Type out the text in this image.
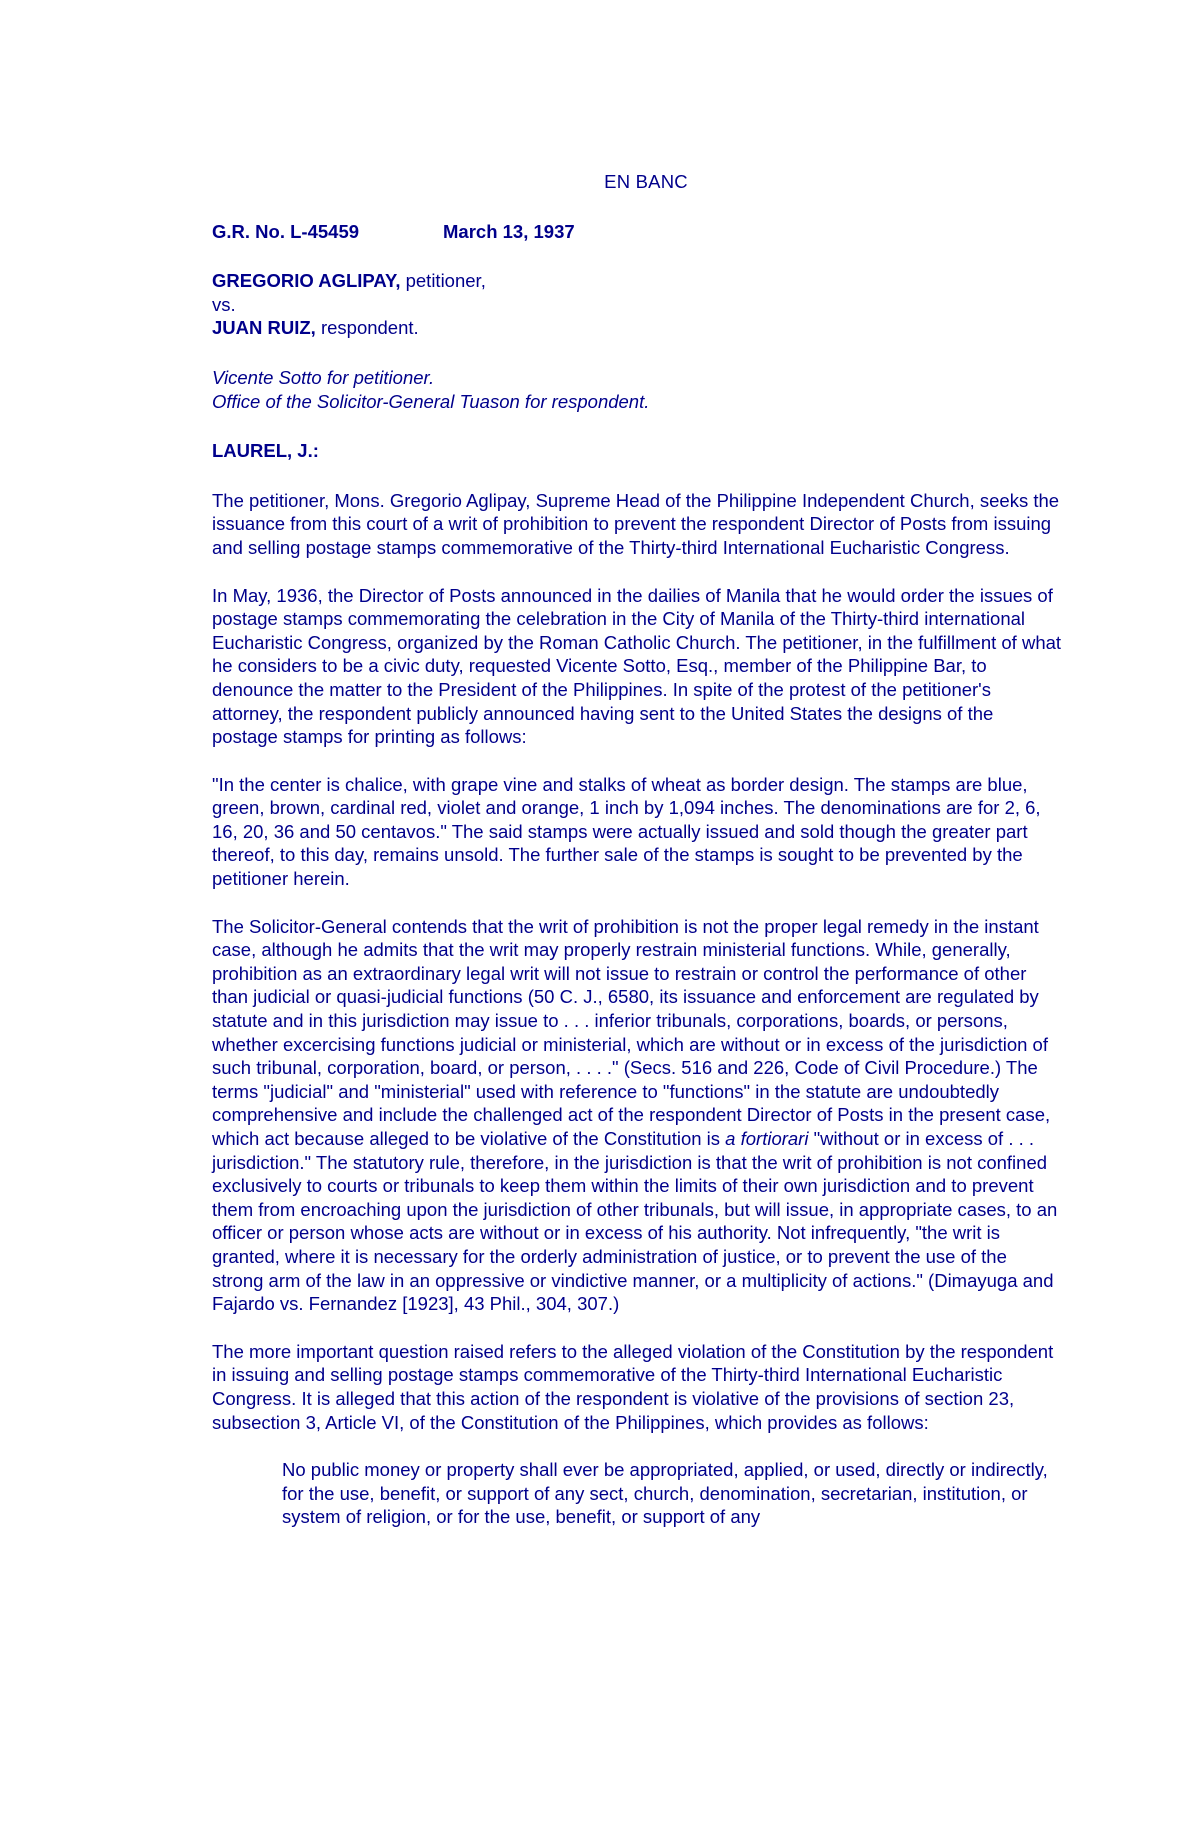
EN BANC
G.R. No. L-45459	March 13, 1937
GREGORIO AGLIPAY, petitioner,
vs.
JUAN RUIZ, respondent.
Vicente Sotto for petitioner.
Office of the Solicitor-General Tuason for respondent.
LAUREL, J.:

The petitioner, Mons. Gregorio Aglipay, Supreme Head of the Philippine Independent Church, seeks the issuance from this court of a writ of prohibition to prevent the respondent Director of Posts from issuing and selling postage stamps commemorative of the Thirty-third International Eucharistic Congress.

In May, 1936, the Director of Posts announced in the dailies of Manila that he would order the issues of postage stamps commemorating the celebration in the City of Manila of the Thirty-third international Eucharistic Congress, organized by the Roman Catholic Church. The petitioner, in the fulfillment of what he considers to be a civic duty, requested Vicente Sotto, Esq., member of the Philippine Bar, to denounce the matter to the President of the Philippines. In spite of the protest of the petitioner's attorney, the respondent publicly announced having sent to the United States the designs of the postage stamps for printing as follows:

"In the center is chalice, with grape vine and stalks of wheat as border design. The stamps are blue, green, brown, cardinal red, violet and orange, 1 inch by 1,094 inches. The denominations are for 2, 6, 16, 20, 36 and 50 centavos." The said stamps were actually issued and sold though the greater part thereof, to this day, remains unsold. The further sale of the stamps is sought to be prevented by the petitioner herein.

The Solicitor-General contends that the writ of prohibition is not the proper legal remedy in the instant case, although he admits that the writ may properly restrain ministerial functions. While, generally, prohibition as an extraordinary legal writ will not issue to restrain or control the performance of other than judicial or quasi-judicial functions (50 C. J., 6580, its issuance and enforcement are regulated by statute and in this jurisdiction may issue to . . . inferior tribunals, corporations, boards, or persons, whether excercising functions judicial or ministerial, which are without or in excess of the jurisdiction of such tribunal, corporation, board, or person, . . . ." (Secs. 516 and 226, Code of Civil Procedure.) The terms "judicial" and "ministerial" used with reference to "functions" in the statute are undoubtedly comprehensive and include the challenged act of the respondent Director of Posts in the present case, which act because alleged to be violative of the Constitution is a fortiorari "without or in excess of . . . jurisdiction." The statutory rule, therefore, in the jurisdiction is that the writ of prohibition is not confined exclusively to courts or tribunals to keep them within the limits of their own jurisdiction and to prevent them from encroaching upon the jurisdiction of other tribunals, but will issue, in appropriate cases, to an officer or person whose acts are without or in excess of his authority. Not infrequently, "the writ is granted, where it is necessary for the orderly administration of justice, or to prevent the use of the strong arm of the law in an oppressive or vindictive manner, or a multiplicity of actions." (Dimayuga and Fajardo vs. Fernandez [1923], 43 Phil., 304, 307.)

The more important question raised refers to the alleged violation of the Constitution by the respondent in issuing and selling postage stamps commemorative of the Thirty-third International Eucharistic Congress. It is alleged that this action of the respondent is violative of the provisions of section 23, subsection 3, Article VI, of the Constitution of the Philippines, which provides as follows:

No public money or property shall ever be appropriated, applied, or used, directly or indirectly, for the use, benefit, or support of any sect, church, denomination, secretarian, institution, or system of religion, or for the use, benefit, or support of any
